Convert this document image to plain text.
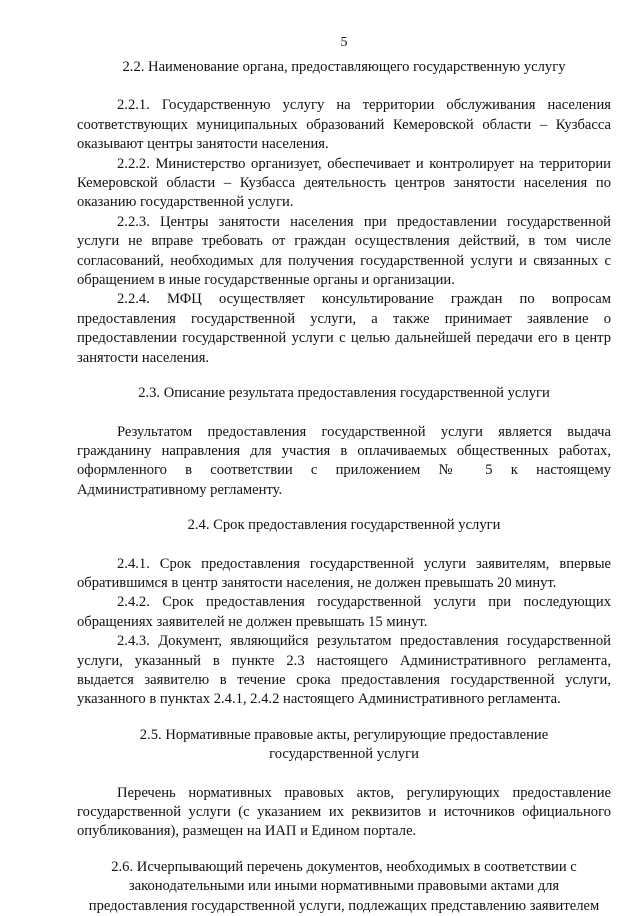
5

2.2. Наименование органа, предоставляющего государственную услугу

2.2.1. Государственную услугу на территории обслуживания населения соответствующих муниципальных образований Кемеровской области – Кузбасса оказывают центры занятости населения.

2.2.2. Министерство организует, обеспечивает и контролирует на территории Кемеровской области – Кузбасса деятельность центров занятости населения по оказанию государственной услуги.

2.2.3. Центры занятости населения при предоставлении государственной услуги не вправе требовать от граждан осуществления действий, в том числе согласований, необходимых для получения государственной услуги и связанных с обращением в иные государственные органы и организации.

2.2.4. МФЦ осуществляет консультирование граждан по вопросам предоставления государственной услуги, а также принимает заявление о предоставлении государственной услуги с целью дальнейшей передачи его в центр занятости населения.

2.3. Описание результата предоставления государственной услуги

Результатом предоставления государственной услуги является выдача гражданину направления для участия в оплачиваемых общественных работах, оформленного в соответствии с приложением № 5 к настоящему Административному регламенту.

2.4. Срок предоставления государственной услуги

2.4.1. Срок предоставления государственной услуги заявителям, впервые обратившимся в центр занятости населения, не должен превышать 20 минут.

2.4.2. Срок предоставления государственной услуги при последующих обращениях заявителей не должен превышать 15 минут.

2.4.3. Документ, являющийся результатом предоставления государственной услуги, указанный в пункте 2.3 настоящего Административного регламента, выдается заявителю в течение срока предоставления государственной услуги, указанного в пунктах 2.4.1, 2.4.2 настоящего Административного регламента.

2.5. Нормативные правовые акты, регулирующие предоставление
государственной услуги

Перечень нормативных правовых актов, регулирующих предоставление государственной услуги (с указанием их реквизитов и источников официального опубликования), размещен на ИАП и Едином портале.

2.6. Исчерпывающий перечень документов, необходимых в соответствии с
законодательными или иными нормативными правовыми актами для
предоставления государственной услуги, подлежащих представлению заявителем
